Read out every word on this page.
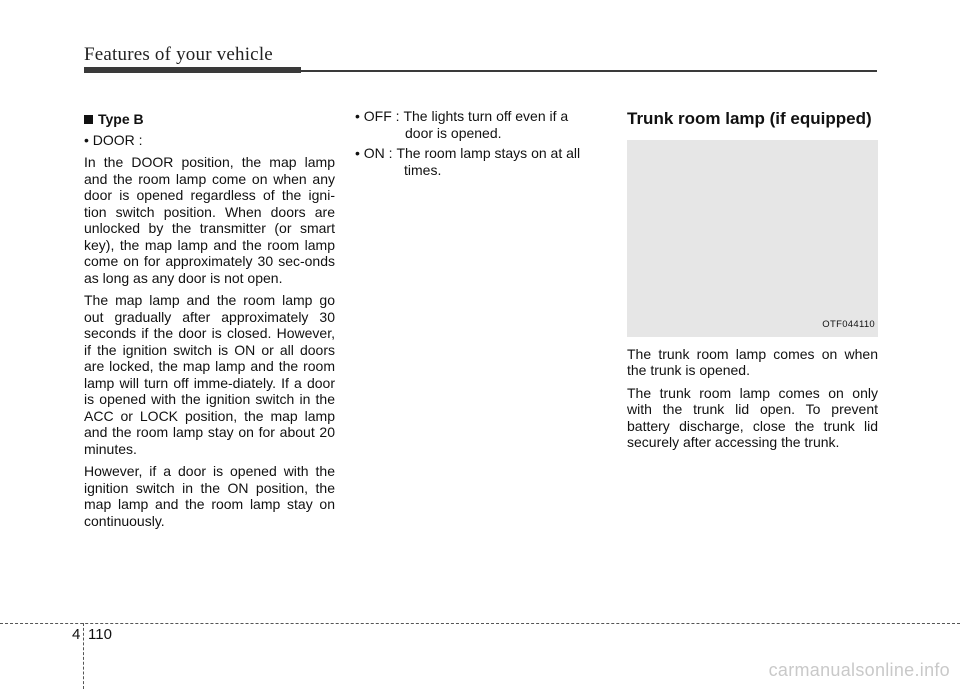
Features of your vehicle
Type B

• DOOR :

In the DOOR position, the map lamp and the room lamp come on when any door is opened regardless of the igni-tion switch position. When doors are unlocked by the transmitter (or smart key), the map lamp and the room lamp come on for approximately 30 sec-onds as long as any door is not open.

The map lamp and the room lamp go out gradually after approximately 30 seconds if the door is closed. However, if the ignition switch is ON or all doors are locked, the map lamp and the room lamp will turn off imme-diately. If a door is opened with the ignition switch in the ACC or LOCK position, the map lamp and the room lamp stay on for about 20 minutes.

However, if a door is opened with the ignition switch in the ON position, the map lamp and the room lamp stay on continuously.

• OFF :
The lights turn off even if a
door is opened.
• ON :
The room lamp stays on at all
times.
Trunk room lamp (if equipped)
OTF044110

The trunk room lamp comes on when the trunk is opened.

The trunk room lamp comes on only with the trunk lid open. To prevent battery discharge, close the trunk lid securely after accessing the trunk.

4 110
carmanualsonline.info
